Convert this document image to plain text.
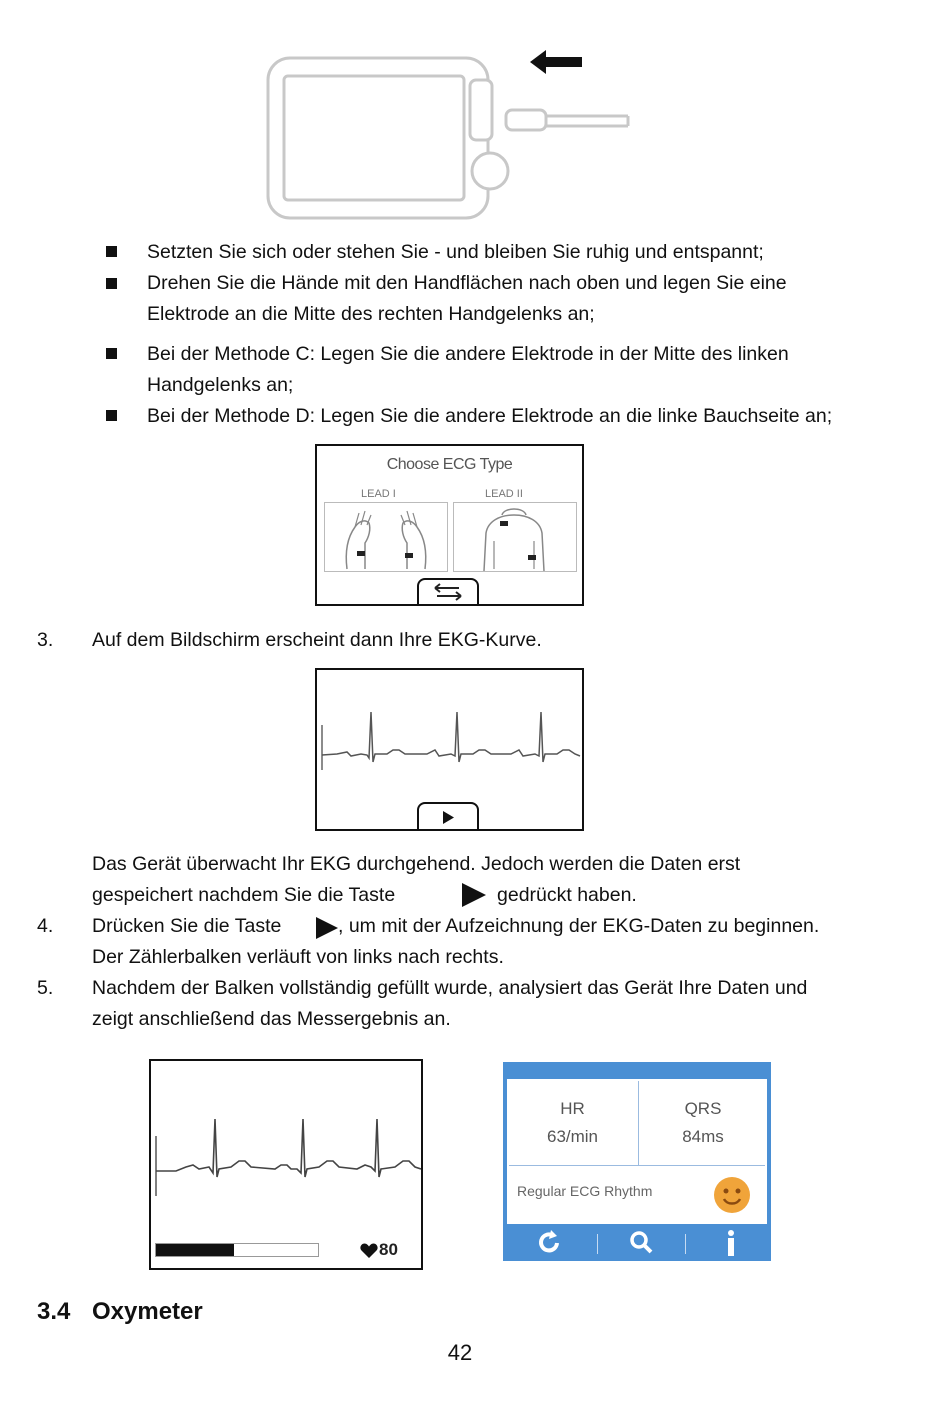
Setzten Sie sich oder stehen Sie - und bleiben Sie ruhig und entspannt;
Drehen Sie die Hände mit den Handflächen nach oben und legen Sie eine
Elektrode an die Mitte des rechten Handgelenks an;
Bei der Methode C: Legen Sie die andere Elektrode in der Mitte des linken
Handgelenks an;
Bei der Methode D: Legen Sie die andere Elektrode an die linke Bauchseite an;
Choose ECG Type
LEAD I	LEAD II
3. Auf dem Bildschirm erscheint dann Ihre EKG-Kurve.
Das Gerät überwacht Ihr EKG durchgehend. Jedoch werden die Daten erst
gespeichert nachdem Sie die Taste	gedrückt haben.
4. Drücken Sie die Taste	, um mit der Aufzeichnung der EKG-Daten zu beginnen.
Der Zählerbalken verläuft von links nach rechts.
5. Nachdem der Balken vollständig gefüllt wurde, analysiert das Gerät Ihre Daten und
zeigt anschließend das Messergebnis an.
80
HR
63/min
QRS
84ms
Regular ECG Rhythm
3.4 Oxymeter
42
